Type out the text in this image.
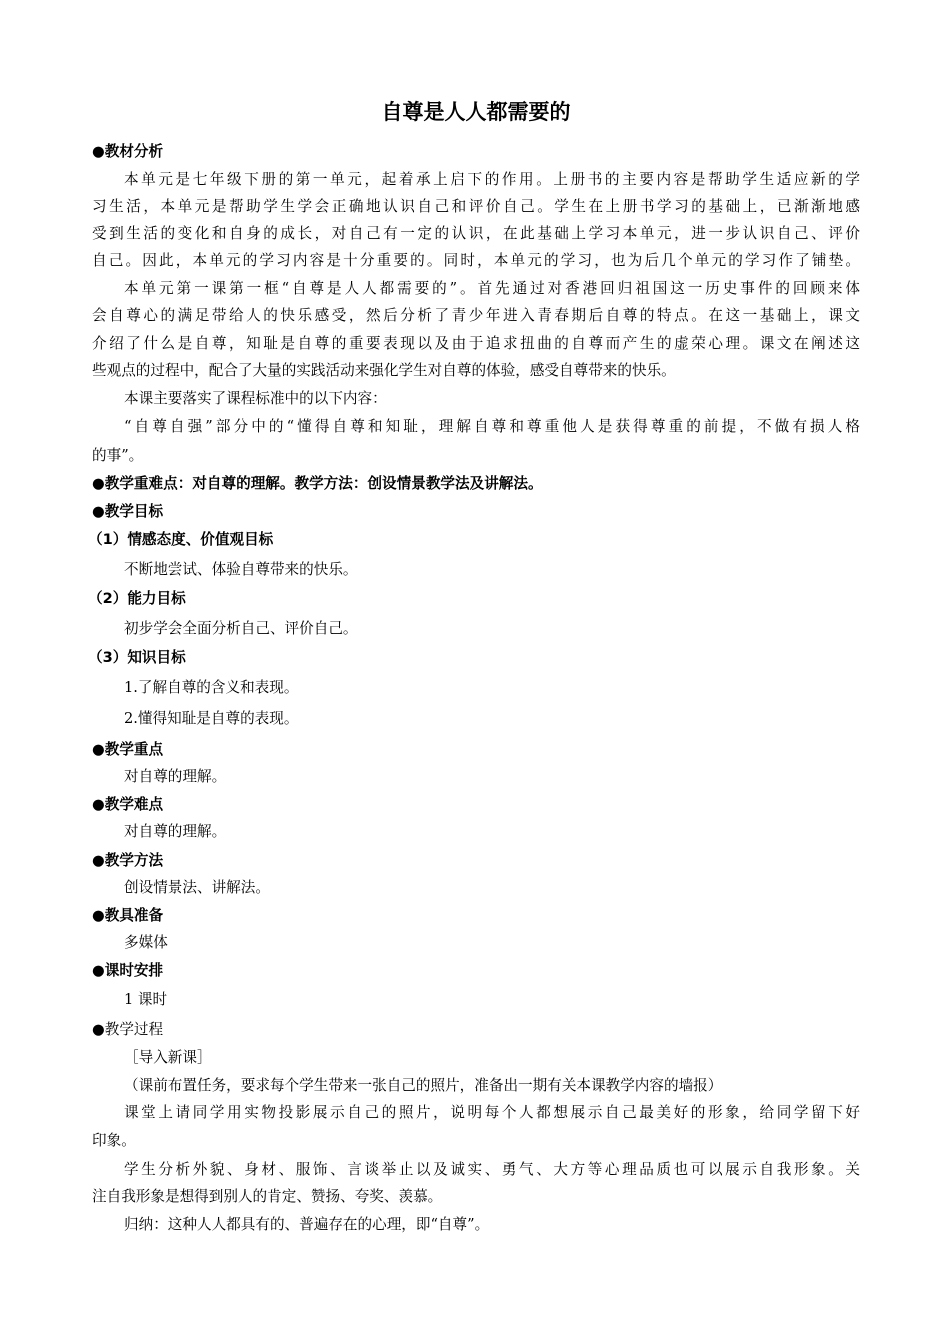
自尊是人人都需要的
●教材分析
本单元是七年级下册的第一单元，起着承上启下的作用。上册书的主要内容是帮助学生适应新的学
习生活，本单元是帮助学生学会正确地认识自己和评价自己。学生在上册书学习的基础上，已渐渐地感
受到生活的变化和自身的成长，对自己有一定的认识，在此基础上学习本单元，进一步认识自己、评价
自己。因此，本单元的学习内容是十分重要的。同时，本单元的学习，也为后几个单元的学习作了铺垫。
本单元第一课第一框“自尊是人人都需要的”。首先通过对香港回归祖国这一历史事件的回顾来体
会自尊心的满足带给人的快乐感受，然后分析了青少年进入青春期后自尊的特点。在这一基础上，课文
介绍了什么是自尊，知耻是自尊的重要表现以及由于追求扭曲的自尊而产生的虚荣心理。课文在阐述这
些观点的过程中，配合了大量的实践活动来强化学生对自尊的体验，感受自尊带来的快乐。
本课主要落实了课程标准中的以下内容：
“自尊自强”部分中的“懂得自尊和知耻，理解自尊和尊重他人是获得尊重的前提，不做有损人格
的事”。
●教学重难点：对自尊的理解。教学方法：创设情景教学法及讲解法。
●教学目标
（1）情感态度、价值观目标
不断地尝试、体验自尊带来的快乐。
（2）能力目标
初步学会全面分析自己、评价自己。
（3）知识目标
1.了解自尊的含义和表现。
2.懂得知耻是自尊的表现。
●教学重点
对自尊的理解。
●教学难点
对自尊的理解。
●教学方法
创设情景法、讲解法。
●教具准备
多媒体
●课时安排
1 课时
●教学过程
［导入新课］
（课前布置任务，要求每个学生带来一张自己的照片，准备出一期有关本课教学内容的墙报）
课堂上请同学用实物投影展示自己的照片，说明每个人都想展示自己最美好的形象，给同学留下好
印象。
学生分析外貌、身材、服饰、言谈举止以及诚实、勇气、大方等心理品质也可以展示自我形象。关
注自我形象是想得到别人的肯定、赞扬、夸奖、羡慕。
归纳：这种人人都具有的、普遍存在的心理，即“自尊”。
